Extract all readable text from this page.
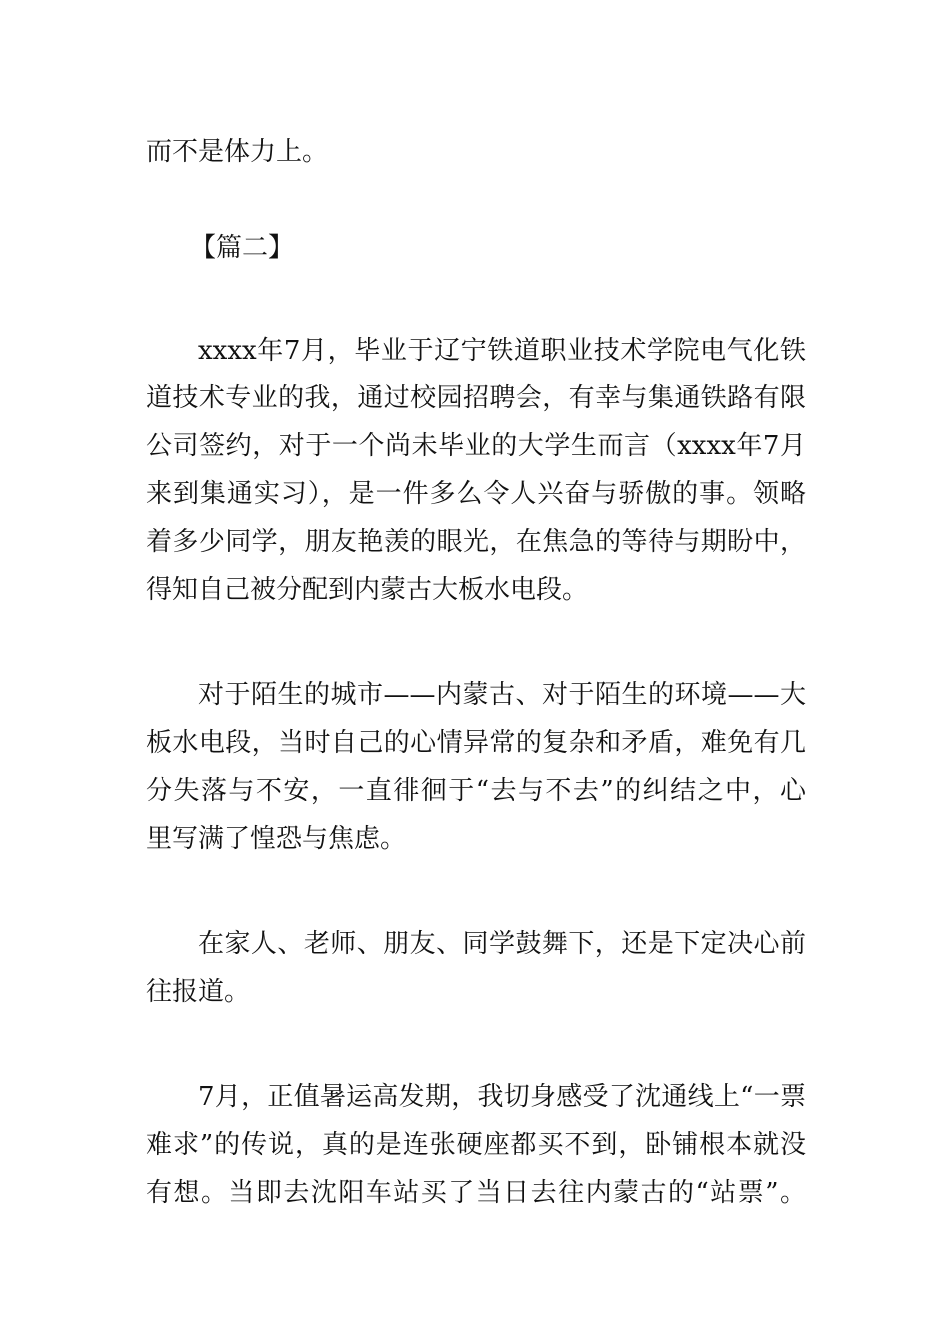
而不是体力上。
【篇二】
xxxx年7月，毕业于辽宁铁道职业技术学院电气化铁
道技术专业的我，通过校园招聘会，有幸与集通铁路有限
公司签约，对于一个尚未毕业的大学生而言（xxxx年7月
来到集通实习），是一件多么令人兴奋与骄傲的事。领略
着多少同学，朋友艳羡的眼光，在焦急的等待与期盼中，
得知自己被分配到内蒙古大板水电段。
对于陌生的城市——内蒙古、对于陌生的环境——大
板水电段，当时自己的心情异常的复杂和矛盾，难免有几
分失落与不安，一直徘徊于“去与不去”的纠结之中，心
里写满了惶恐与焦虑。
在家人、老师、朋友、同学鼓舞下，还是下定决心前
往报道。
7月，正值暑运高发期，我切身感受了沈通线上“一票
难求”的传说，真的是连张硬座都买不到，卧铺根本就没
有想。当即去沈阳车站买了当日去往内蒙古的“站票”。
